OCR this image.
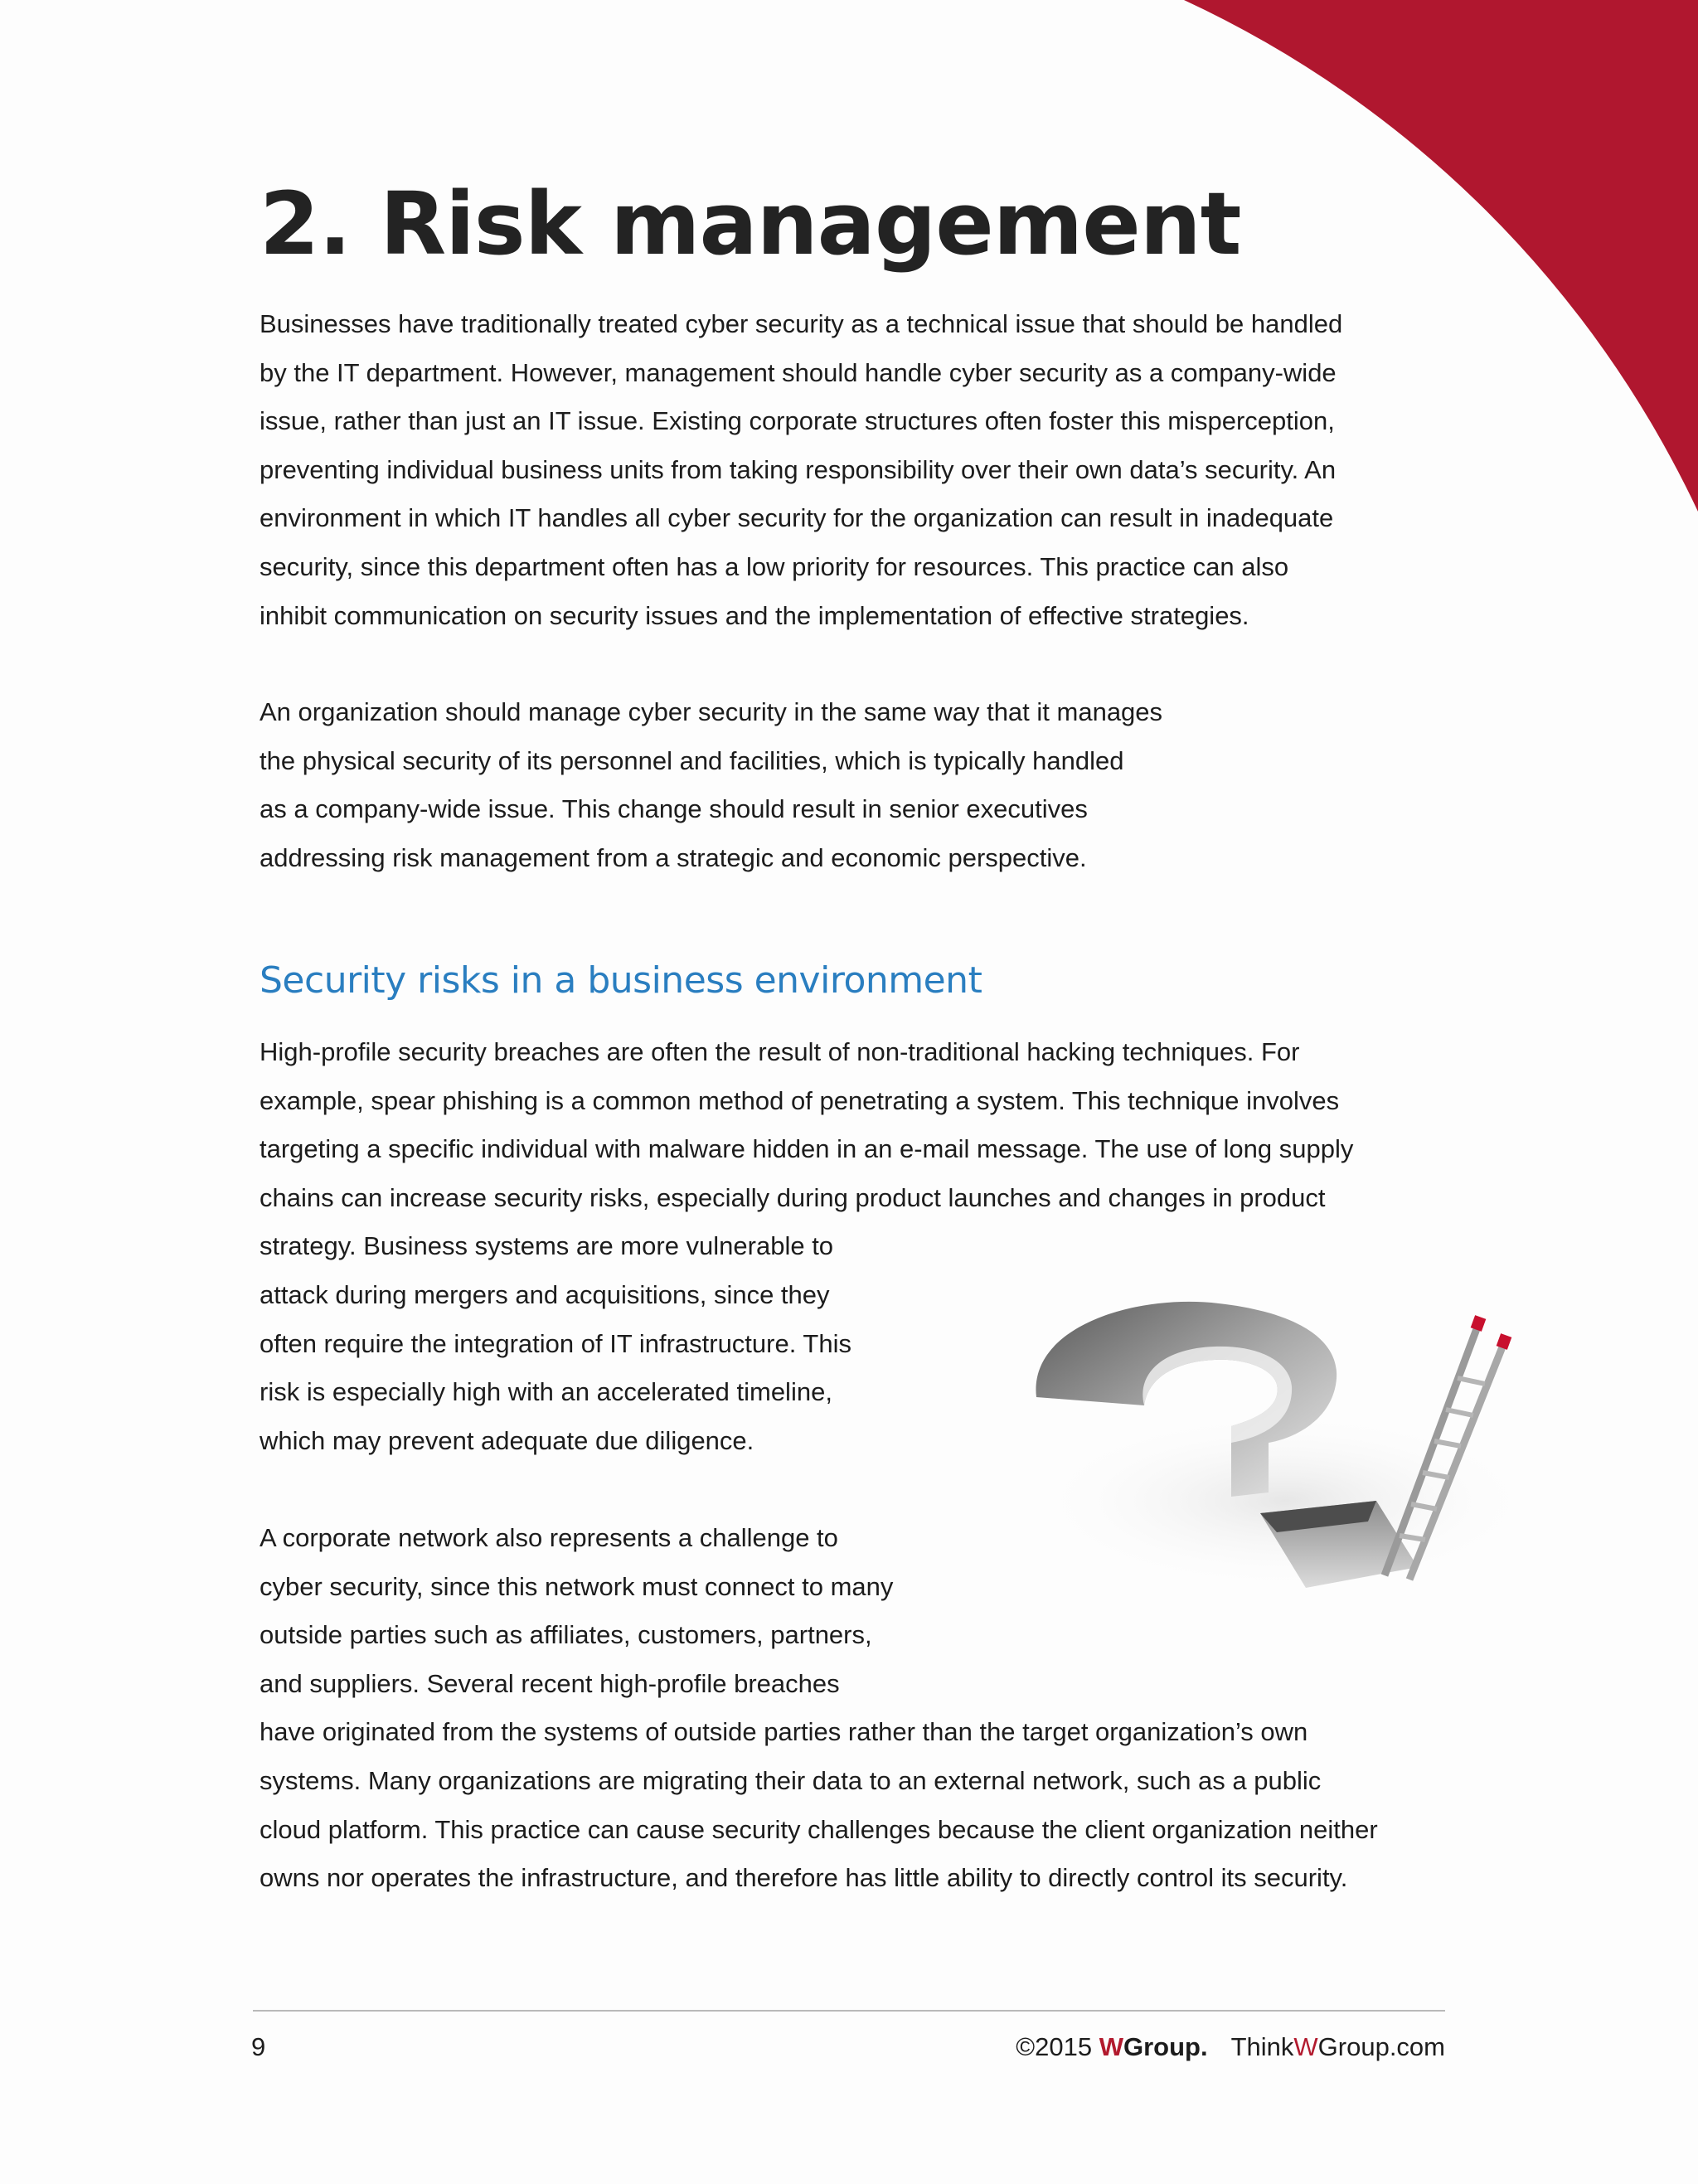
2. Risk management
Businesses have traditionally treated cyber security as a technical issue that should be handled
by the IT department. However, management should handle cyber security as a company-wide
issue, rather than just an IT issue. Existing corporate structures often foster this misperception,
preventing individual business units from taking responsibility over their own data’s security. An
environment in which IT handles all cyber security for the organization can result in inadequate
security, since this department often has a low priority for resources. This practice can also
inhibit communication on security issues and the implementation of effective strategies.
An organization should manage cyber security in the same way that it manages
the physical security of its personnel and facilities, which is typically handled
as a company-wide issue. This change should result in senior executives
addressing risk management from a strategic and economic perspective.
Security risks in a business environment
High-profile security breaches are often the result of non-traditional hacking techniques. For
example, spear phishing is a common method of penetrating a system. This technique involves
targeting a specific individual with malware hidden in an e-mail message. The use of long supply
chains can increase security risks, especially during product launches and changes in product
strategy. Business systems are more vulnerable to
attack during mergers and acquisitions, since they
often require the integration of IT infrastructure. This
risk is especially high with an accelerated timeline,
which may prevent adequate due diligence.
A corporate network also represents a challenge to
cyber security, since this network must connect to many
outside parties such as affiliates, customers, partners,
and suppliers. Several recent high-profile breaches
have originated from the systems of outside parties rather than the target organization’s own
systems. Many organizations are migrating their data to an external network, such as a public
cloud platform. This practice can cause security challenges because the client organization neither
owns nor operates the infrastructure, and therefore has little ability to directly control its security.
9	©2015 WGroup. ThinkWGroup.com
